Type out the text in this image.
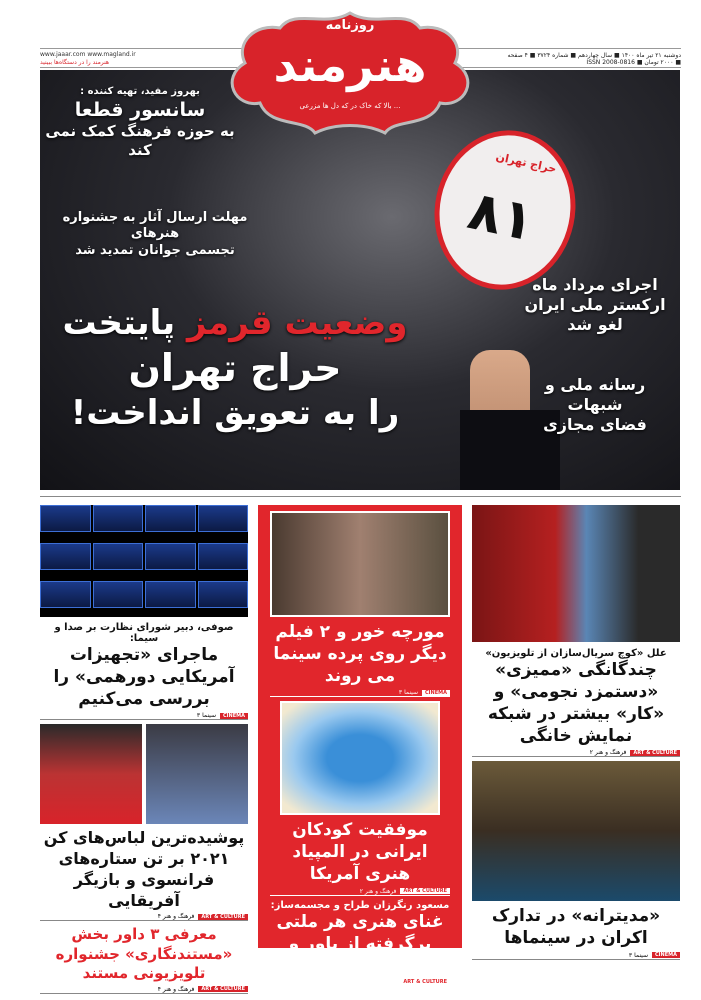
دوشنبه ۲۱ تیر ماه ۱۴۰۰ ■ سال چهاردهم ■ شماره ۳۷۲۴ ■ ۴ صفحه ■ ۲۰۰۰ تومان ■ ISSN 2008-0816
www.jaaar.com www.magland.ir
هنرمند را در دستگاه‌ها ببینید
حراج تهران
۸۱
بهروز مفید، تهیه کننده :
سانسور قطعا
به حوزه فرهنگ کمک نمی کند
مهلت ارسال آثار به جشنواره هنرهای
تجسمی جوانان تمدید شد
وضعیت قرمز پایتخت
حراج تهران
را به تعویق انداخت!
اجرای مرداد ماه
ارکستر ملی ایران
لغو شد
رسانه ملی و شبهات
فضای مجازی
روزنامه
هنرمند
... بالا که خاک در که دل ها مزرعی
صوفی، دبیر شورای نظارت بر صدا و سیما:
ماجرای «تجهیزات آمریکایی دورهمی» را بررسی می‌کنیم
CINEMA
سینما ۳
پوشیده‌ترین لباس‌های کن ۲۰۲۱ بر تن ستاره‌های فرانسوی و بازیگر آفریقایی
ART & CULTURE
فرهنگ و هنر ۴
معرفی ۳ داور بخش «مستندنگاری» جشنواره تلویزیونی مستند
ART & CULTURE
فرهنگ و هنر ۴
مورچه خور و ۲ فیلم دیگر روی پرده سینما می روند
CINEMA
سینما ۳
موفقیت کودکان ایرانی در المپیاد هنری آمریکا
ART & CULTURE
فرهنگ و هنر ۲
مسعود رنگرزان طراح و مجسمه‌ساز:
غنای هنری هر ملتی برگرفته از باور و آیین های آن است
ART & CULTURE
فرهنگ و هنر ۲
علل «کوچ سریال‌سازان از تلویزیون»
چندگانگی «ممیزی» «دستمزد نجومی» و «کار» بیشتر در شبکه نمایش خانگی
ART & CULTURE
فرهنگ و هنر ۲
«مدیترانه» در تدارک اکران در سینماها
CINEMA
سینما ۳
